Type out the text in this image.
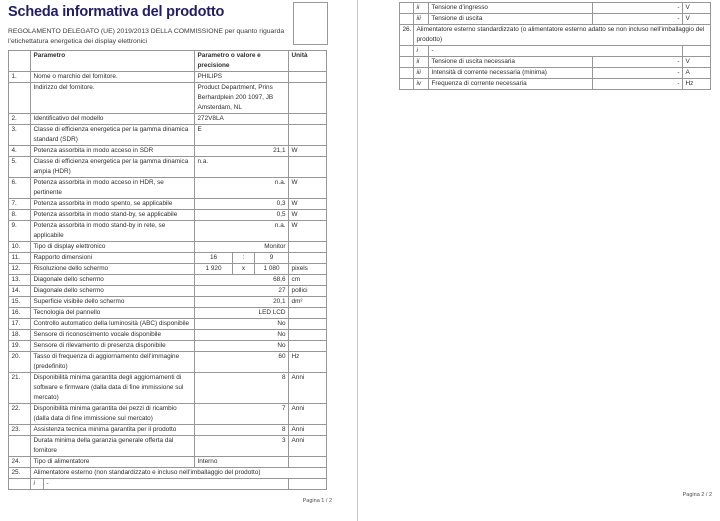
Scheda informativa del prodotto
REGOLAMENTO DELEGATO (UE) 2019/2013 DELLA COMMISSIONE per quanto riguarda l’etichettatura energetica dei display elettronici
	Parametro		Parametro o valore e precisione			Unità
1.	Nome o marchio del fornitore.		PHILIPS			
	Indirizzo del fornitore.		Product Department, Prins Berhardplein 200 1097, JB Amsterdam, NL			
2.	Identificativo del modello		272V8LA			
3.	Classe di efficienza energetica per la gamma dinamica standard (SDR)		E			
4.	Potenza assorbita in modo acceso in SDR		21,1			W
5.	Classe di efficienza energetica per la gamma dinamica ampia (HDR)		n.a.			
6.	Potenza assorbita in modo acceso in HDR, se pertinente		n.a.			W
7.	Potenza assorbita in modo spento, se applicabile		0,3			W
8.	Potenza assorbita in modo stand-by, se applicabile		0,5			W
9.	Potenza assorbita in modo stand-by in rete, se applicabile		n.a.			W
10.	Tipo di display elettronico		Monitor			
11.	Rapporto dimensioni		16	:	9	
12.	Risoluzione dello schermo		1 920	x	1 080	pixels
13.	Diagonale dello schermo		68,6			cm
14.	Diagonale dello schermo		27			pollici
15.	Superficie visibile dello schermo		20,1			dm²
16.	Tecnologia del pannello		LED LCD			
17.	Controllo automatico della luminosità (ABC) disponibile		No			
18.	Sensore di riconoscimento vocale disponibile		No			
19.	Sensore di rilevamento di presenza disponibile		No			
20.	Tasso di frequenza di aggiornamento dell’immagine (predefinito)		60			Hz
21.	Disponibilità minima garantita degli aggiornamenti di software e firmware (dalla data di fine immissione sul mercato)		8			Anni
22.	Disponibilità minima garantita dei pezzi di ricambio (dalla data di fine immissione sul mercato)		7			Anni
23.	Assistenza tecnica minima garantita per il prodotto		8			Anni
	Durata minima della garanzia generale offerta dal fornitore		3			Anni
24.	Tipo di alimentatore		Interno			
25.	Alimentatore esterno (non standardizzato e incluso nell’imballaggio del prodotto)					
	i	-				
Pagina 1 / 2
	ii	Tensione d’ingresso	-	V
	iii	Tensione di uscita	-	V
26.	Alimentatore esterno standardizzato (o alimentatore esterno adatto se non incluso nell’imballaggio del prodotto)			
	i	-		
	ii	Tensione di uscita necessaria	-	V
	iii	Intensità di corrente necessaria (minima)	-	A
	iv	Frequenza di corrente necessaria	-	Hz
Pagina 2 / 2
